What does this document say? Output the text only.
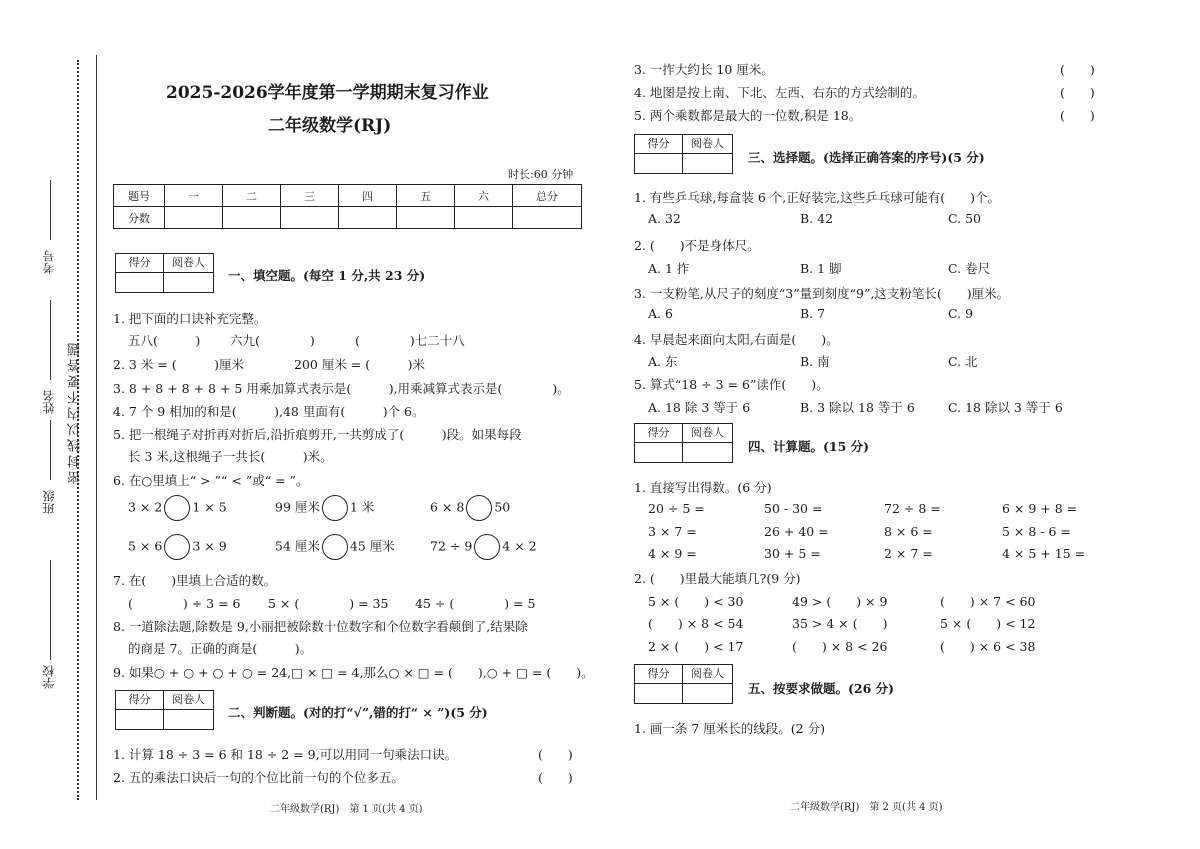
考号
姓名 密封线以内不要答题
班级
学校
2025-2026学年度第一学期期末复习作业
二年级数学(RJ)
时长:60 分钟
题号	一	二	三	四	五	六	总分
分数							
得分	阅卷人
一、填空题。(每空 1 分,共 23 分)
1. 把下面的口诀补充完整。
五八(　　　) 六九(　　　　)	(　　　　)七二十八
2. 3 米 = (　　　)厘米　　　　200 厘米 = (　　　)米
3. 8 + 8 + 8 + 8 + 5 用乘加算式表示是(　　　),用乘减算式表示是(　　　　)。
4. 7 个 9 相加的和是(　　　),48 里面有(　　　)个 6。
5. 把一根绳子对折再对折后,沿折痕剪开,一共剪成了(　　　)段。如果每段
长 3 米,这根绳子一共长(　　　)米。
6. 在○里填上“ > ”“ < ”或“ = ”。
3 × 2 1 × 5	99 厘米 1 米	6 × 8 50
5 × 6 3 × 9	54 厘米 45 厘米	72 ÷ 9 4 × 2
7. 在(　　)里填上合适的数。
(　　　　) ÷ 3 = 6 5 × (　　　　) = 35 45 ÷ (　　　　) = 5
8. 一道除法题,除数是 9,小丽把被除数十位数字和个位数字看颠倒了,结果除
的商是 7。正确的商是(　　　)。
9. 如果○ + ○ + ○ + ○ = 24,□ × □ = 4,那么○ × □ = (　　),○ + □ = (　　)。
得分	阅卷人
二、判断题。(对的打“√”,错的打“ × ”)(5 分)
1. 计算 18 ÷ 3 = 6 和 18 ÷ 2 = 9,可以用同一句乘法口诀。	(　　)
2. 五的乘法口诀后一句的个位比前一句的个位多五。	(　　)
二年级数学(RJ)　第 1 页(共 4 页)
3. 一拃大约长 10 厘米。	(　　)
4. 地图是按上南、下北、左西、右东的方式绘制的。	(　　)
5. 两个乘数都是最大的一位数,积是 18。	(　　)
得分	阅卷人
三、选择题。(选择正确答案的序号)(5 分)
1. 有些乒乓球,每盒装 6 个,正好装完,这些乒乓球可能有(　　)个。
A. 32	B. 42	C. 50
2. (　　)不是身体尺。
A. 1 拃	B. 1 脚	C. 卷尺
3. 一支粉笔,从尺子的刻度“3”量到刻度“9”,这支粉笔长(　　)厘米。
A. 6	B. 7	C. 9
4. 早晨起来面向太阳,右面是(　　)。
A. 东	B. 南	C. 北
5. 算式“18 ÷ 3 = 6”读作(　　)。
A. 18 除 3 等于 6	B. 3 除以 18 等于 6	C. 18 除以 3 等于 6
得分	阅卷人
四、计算题。(15 分)
1. 直接写出得数。(6 分)
20 ÷ 5 =	50 - 30 =	72 ÷ 8 =	6 × 9 + 8 =
3 × 7 =	26 + 40 =	8 × 6 =	5 × 8 - 6 =
4 × 9 =	30 + 5 =	2 × 7 =	4 × 5 + 15 =
2. (　　)里最大能填几?(9 分)
5 × (　　) < 30	49 > (　　) × 9	(　　) × 7 < 60
(　　) × 8 < 54	35 > 4 × (　　)	5 × (　　) < 12
2 × (　　) < 17	(　　) × 8 < 26	(　　) × 6 < 38
得分	阅卷人
五、按要求做题。(26 分)
1. 画一条 7 厘米长的线段。(2 分)
二年级数学(RJ)　第 2 页(共 4 页)
